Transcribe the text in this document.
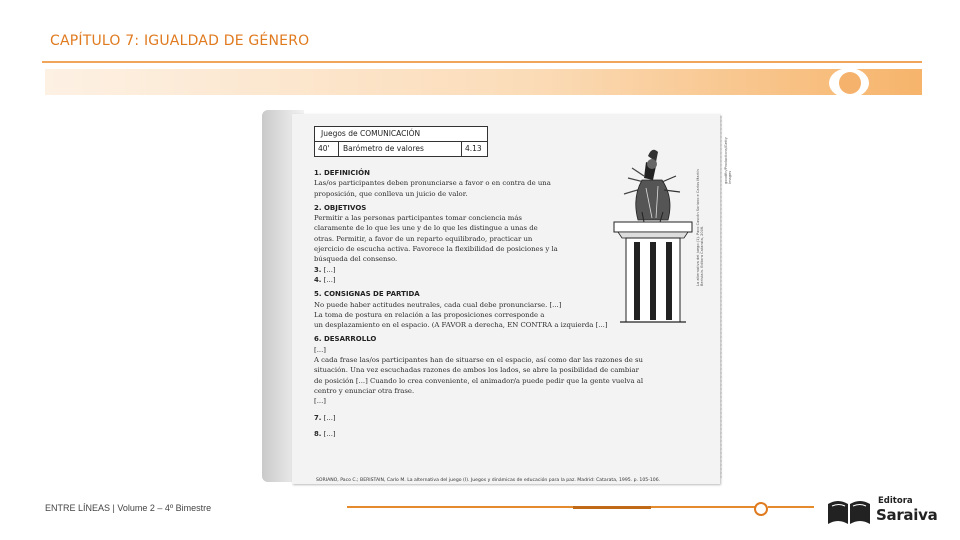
CAPÍTULO 7: IGUALDAD DE GÉNERO
Juegos de COMUNICACIÓN
40'	Barómetro de valores	4.13
1. DEFINICIÓN

Las/os participantes deben pronunciarse a favor o en contra de una

proposición, que conlleva un juicio de valor.

2. OBJETIVOS

Permitir a las personas participantes tomar conciencia más

claramente de lo que les une y de lo que les distingue a unas de

otras. Permitir, a favor de un reparto equilibrado, practicar un

ejercicio de escucha activa. Favorece la flexibilidad de posiciones y la

búsqueda del consenso.

3. [...]

4. [...]

5. CONSIGNAS DE PARTIDA

No puede haber actitudes neutrales, cada cual debe pronunciarse. [...]

La toma de postura en relación a las proposiciones corresponde a

un desplazamiento en el espacio. (A FAVOR a derecha, EN CONTRA a izquierda [...]

6. DESARROLLO

[...]

A cada frase las/os participantes han de situarse en el espacio, así como dar las razones de su

situación. Una vez escuchadas razones de ambos los lados, se abre la posibilidad de cambiar

de posición [...] Cuando lo crea conveniente, el animador/a puede pedir que la gente vuelva al

centro y enunciar otra frase.

[...]

7. [...]

8. [...]

La alternativa del juego (1). Paco Cascón Soriano e Carlos Martín
Beristain. Editora Catarata, 2006.
goodfin/Productions/Getty Images
SORIANO, Paco C.; BERISTAIN, Carlo M. La alternativa del juego (I). Juegos y dinámicas de educación para la paz. Madrid: Catarata, 1995. p. 105-106.
ENTRE LÍNEAS | Volume 2 – 4º Bimestre
Editora
Saraiva
